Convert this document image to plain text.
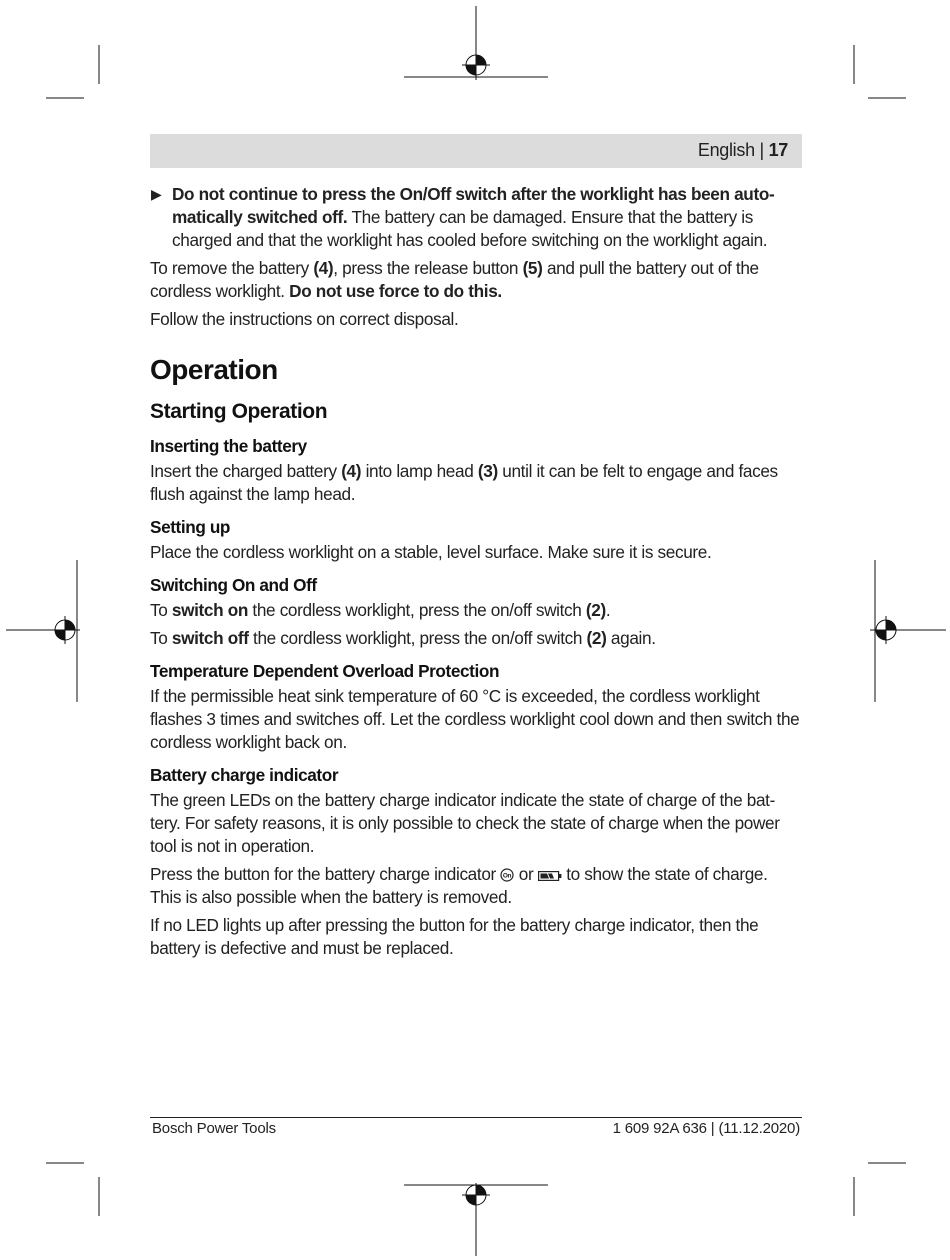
English | 17

▶ Do not continue to press the On/Off switch after the worklight has been auto-matically switched off. The battery can be damaged. Ensure that the battery is charged and that the worklight has cooled before switching on the worklight again.

To remove the battery (4), press the release button (5) and pull the battery out of the cordless worklight. Do not use force to do this.

Follow the instructions on correct disposal.

Operation
Starting Operation
Inserting the battery

Insert the charged battery (4) into lamp head (3) until it can be felt to engage and faces flush against the lamp head.

Setting up

Place the cordless worklight on a stable, level surface. Make sure it is secure.

Switching On and Off

To switch on the cordless worklight, press the on/off switch (2).

To switch off the cordless worklight, press the on/off switch (2) again.

Temperature Dependent Overload Protection

If the permissible heat sink temperature of 60 °C is exceeded, the cordless worklight flashes 3 times and switches off. Let the cordless worklight cool down and then switch the cordless worklight back on.

Battery charge indicator

The green LEDs on the battery charge indicator indicate the state of charge of the bat-tery. For safety reasons, it is only possible to check the state of charge when the power tool is not in operation.

Press the button for the battery charge indicator On or  to show the state of charge. This is also possible when the battery is removed.

If no LED lights up after pressing the button for the battery charge indicator, then the battery is defective and must be replaced.

Bosch Power Tools	1 609 92A 636 | (11.12.2020)
